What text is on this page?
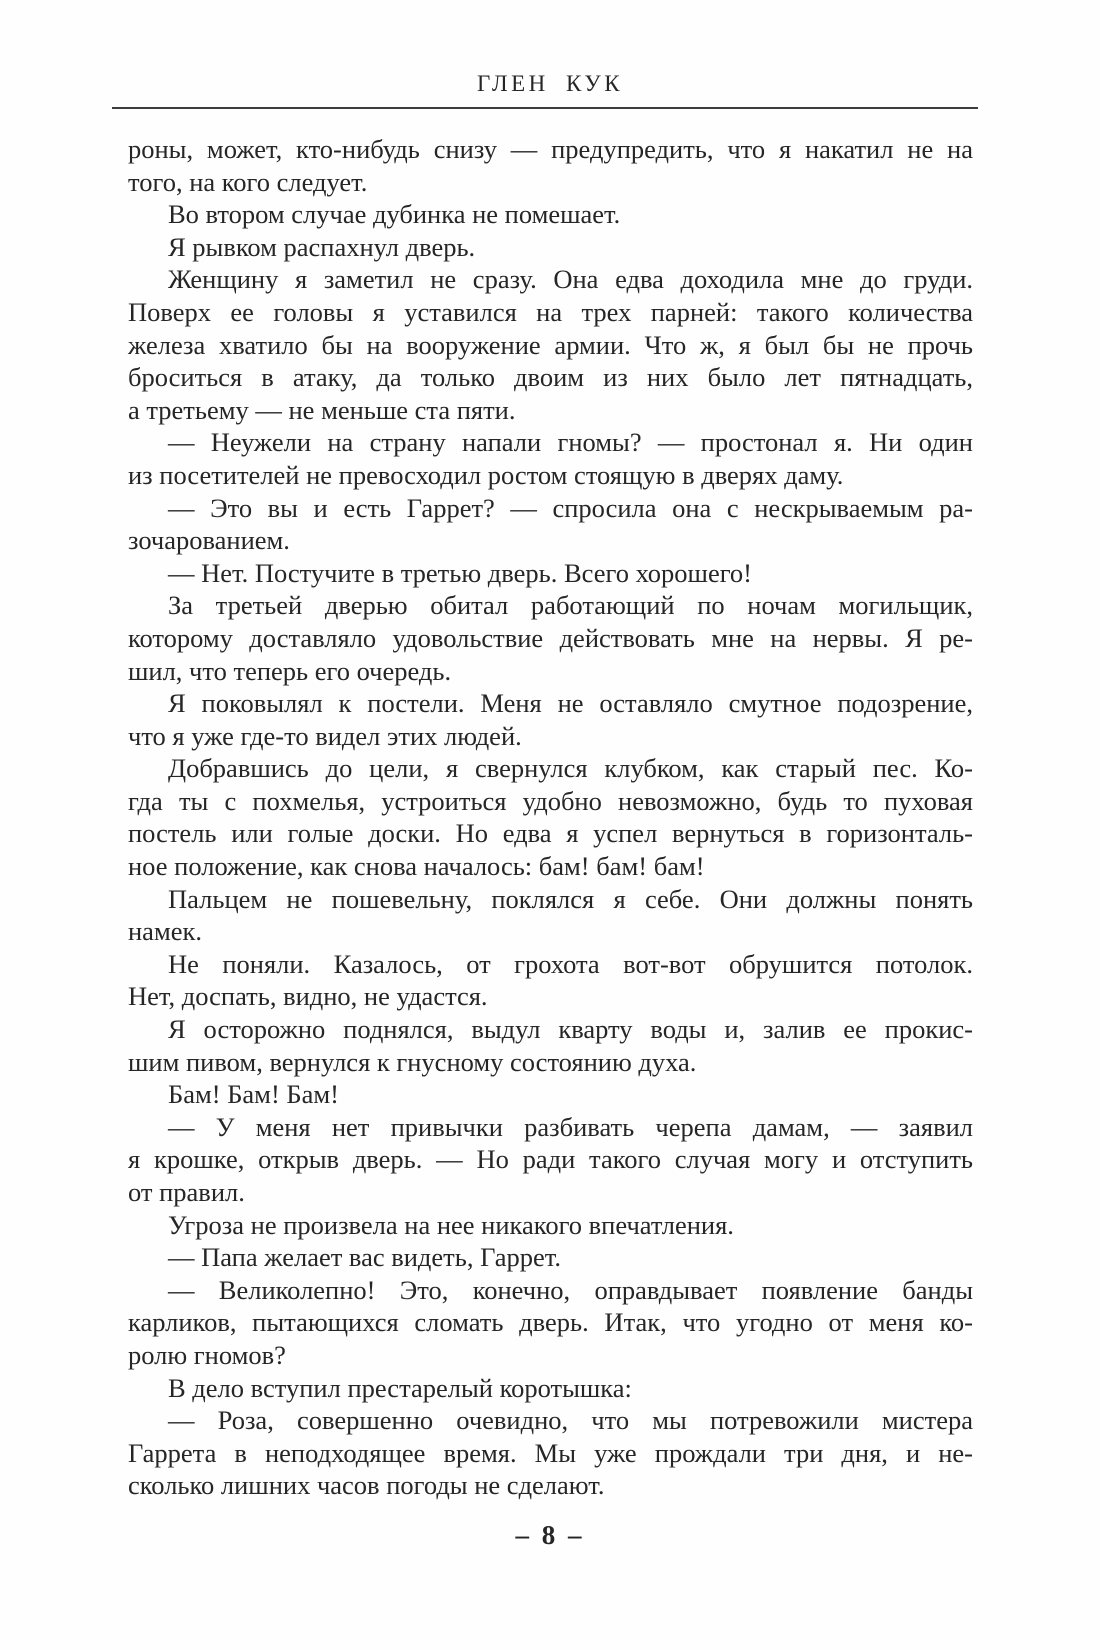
ГЛЕН КУК
роны, может, кто-нибудь снизу — предупредить, что я накатил не на
того, на кого следует.
Во втором случае дубинка не помешает.
Я рывком распахнул дверь.
Женщину я заметил не сразу. Она едва доходила мне до груди.
Поверх ее головы я уставился на трех парней: такого количества
железа хватило бы на вооружение армии. Что ж, я был бы не прочь
броситься в атаку, да только двоим из них было лет пятнадцать,
а третьему — не меньше ста пяти.
— Неужели на страну напали гномы? — простонал я. Ни один
из посетителей не превосходил ростом стоящую в дверях даму.
— Это вы и есть Гаррет? — спросила она с нескрываемым ра-
зочарованием.
— Нет. Постучите в третью дверь. Всего хорошего!
За третьей дверью обитал работающий по ночам могильщик,
которому доставляло удовольствие действовать мне на нервы. Я ре-
шил, что теперь его очередь.
Я поковылял к постели. Меня не оставляло смутное подозрение,
что я уже где-то видел этих людей.
Добравшись до цели, я свернулся клубком, как старый пес. Ко-
гда ты с похмелья, устроиться удобно невозможно, будь то пуховая
постель или голые доски. Но едва я успел вернуться в горизонталь-
ное положение, как снова началось: бам! бам! бам!
Пальцем не пошевельну, поклялся я себе. Они должны понять
намек.
Не поняли. Казалось, от грохота вот-вот обрушится потолок.
Нет, доспать, видно, не удастся.
Я осторожно поднялся, выдул кварту воды и, залив ее прокис-
шим пивом, вернулся к гнусному состоянию духа.
Бам! Бам! Бам!
— У меня нет привычки разбивать черепа дамам, — заявил
я крошке, открыв дверь. — Но ради такого случая могу и отступить
от правил.
Угроза не произвела на нее никакого впечатления.
— Папа желает вас видеть, Гаррет.
— Великолепно! Это, конечно, оправдывает появление банды
карликов, пытающихся сломать дверь. Итак, что угодно от меня ко-
ролю гномов?
В дело вступил престарелый коротышка:
— Роза, совершенно очевидно, что мы потревожили мистера
Гаррета в неподходящее время. Мы уже прождали три дня, и не-
сколько лишних часов погоды не сделают.
– 8 –
